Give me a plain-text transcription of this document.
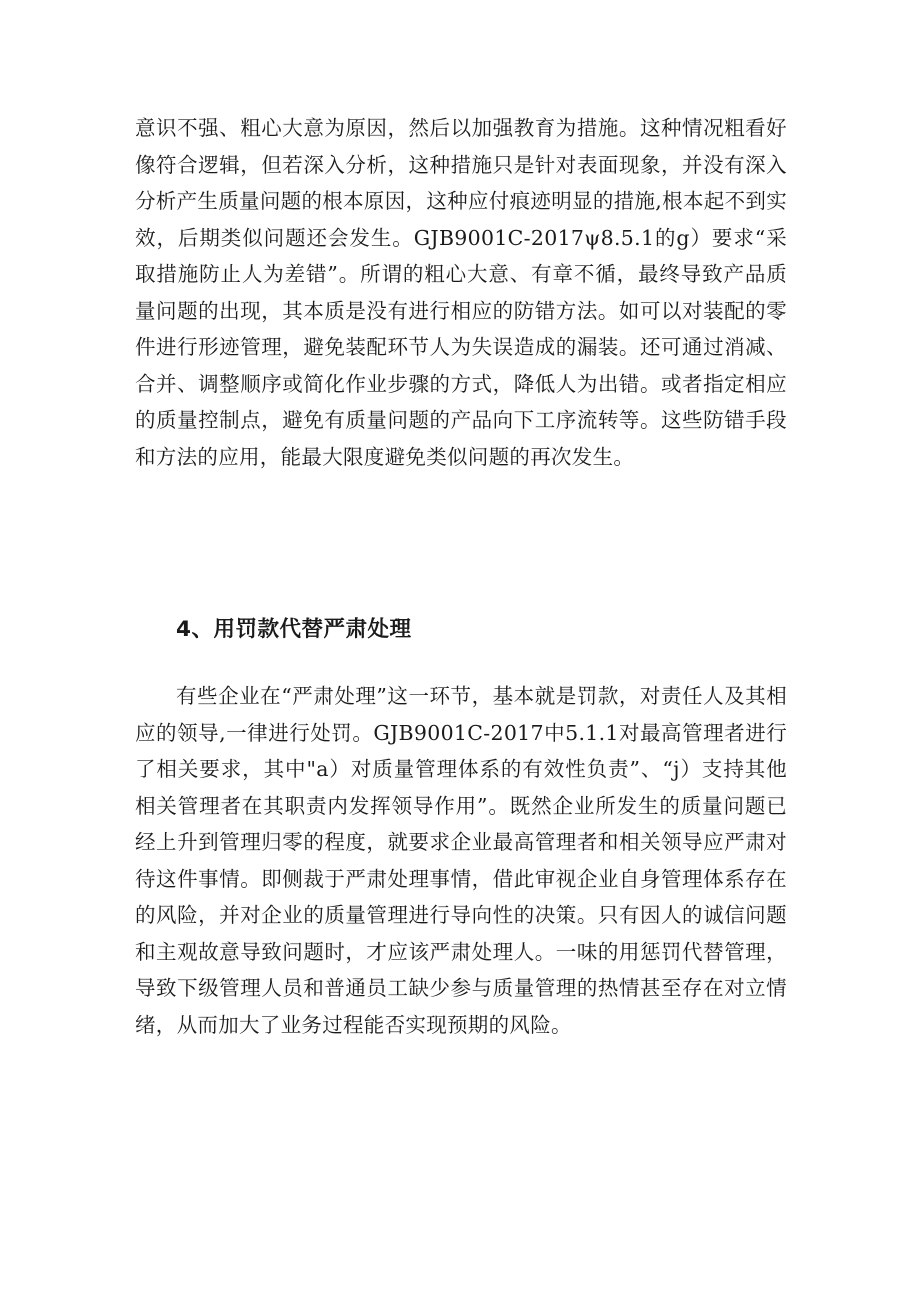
意识不强、粗心大意为原因，然后以加强教育为措施。这种情况粗看好像符合逻辑，但若深入分析，这种措施只是针对表面现象，并没有深入分析产生质量问题的根本原因，这种应付痕迹明显的措施,根本起不到实效，后期类似问题还会发生。GJB9001C-2017ψ8.5.1的g）要求“采取措施防止人为差错”。所谓的粗心大意、有章不循，最终导致产品质量问题的出现，其本质是没有进行相应的防错方法。如可以对装配的零件进行形迹管理，避免装配环节人为失误造成的漏装。还可通过消减、合并、调整顺序或简化作业步骤的方式，降低人为出错。或者指定相应的质量控制点，避免有质量问题的产品向下工序流转等。这些防错手段和方法的应用，能最大限度避免类似问题的再次发生。

4、用罚款代替严肃处理

有些企业在“严肃处理”这一环节，基本就是罚款，对责任人及其相应的领导,一律进行处罚。GJB9001C-2017中5.1.1对最高管理者进行了相关要求，其中"a）对质量管理体系的有效性负责”、“j）支持其他相关管理者在其职责内发挥领导作用”。既然企业所发生的质量问题已经上升到管理归零的程度，就要求企业最高管理者和相关领导应严肃对待这件事情。即侧裁于严肃处理事情，借此审视企业自身管理体系存在的风险，并对企业的质量管理进行导向性的决策。只有因人的诚信问题和主观故意导致问题时，才应该严肃处理人。一味的用惩罚代替管理，导致下级管理人员和普通员工缺少参与质量管理的热情甚至存在对立情绪，从而加大了业务过程能否实现预期的风险。
